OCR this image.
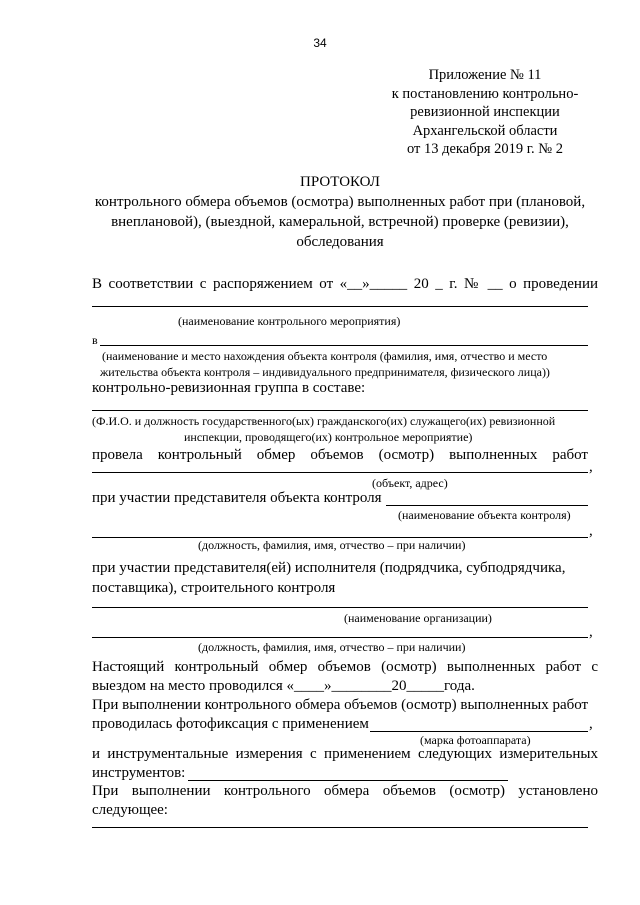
34
Приложение № 11
к постановлению контрольно-
ревизионной инспекции
Архангельской области
от 13 декабря 2019 г. № 2
ПРОТОКОЛ
контрольного обмера объемов (осмотра) выполненных работ при (плановой,
внеплановой), (выездной, камеральной, встречной) проверке (ревизии),
обследования
В соответствии с распоряжением от «__»_____ 20 _ г. № __ о проведении
(наименование контрольного мероприятия)
в
(наименование и место нахождения объекта контроля (фамилия, имя, отчество и место
жительства объекта контроля – индивидуального предпринимателя, физического лица))
контрольно-ревизионная группа в составе:
(Ф.И.О. и должность государственного(ых) гражданского(их) служащего(их) ревизионной
инспекции, проводящего(их) контрольное мероприятие)
провела контрольный обмер объемов (осмотр) выполненных работ
,
(объект, адрес)
при участии представителя объекта контроля
(наименование объекта контроля)
,
(должность, фамилия, имя, отчество – при наличии)
при участии представителя(ей) исполнителя (подрядчика, субподрядчика,
поставщика), строительного контроля
(наименование организации)
,
(должность, фамилия, имя, отчество – при наличии)
Настоящий контрольный обмер объемов (осмотр) выполненных работ с
выездом на место проводился «____»________20_____года.
При выполнении контрольного обмера объемов (осмотр) выполненных работ
проводилась фотофиксация с применением	,
(марка фотоаппарата)
и инструментальные измерения с применением следующих измерительных
инструментов:
При выполнении контрольного обмера объемов (осмотр) установлено
следующее:
